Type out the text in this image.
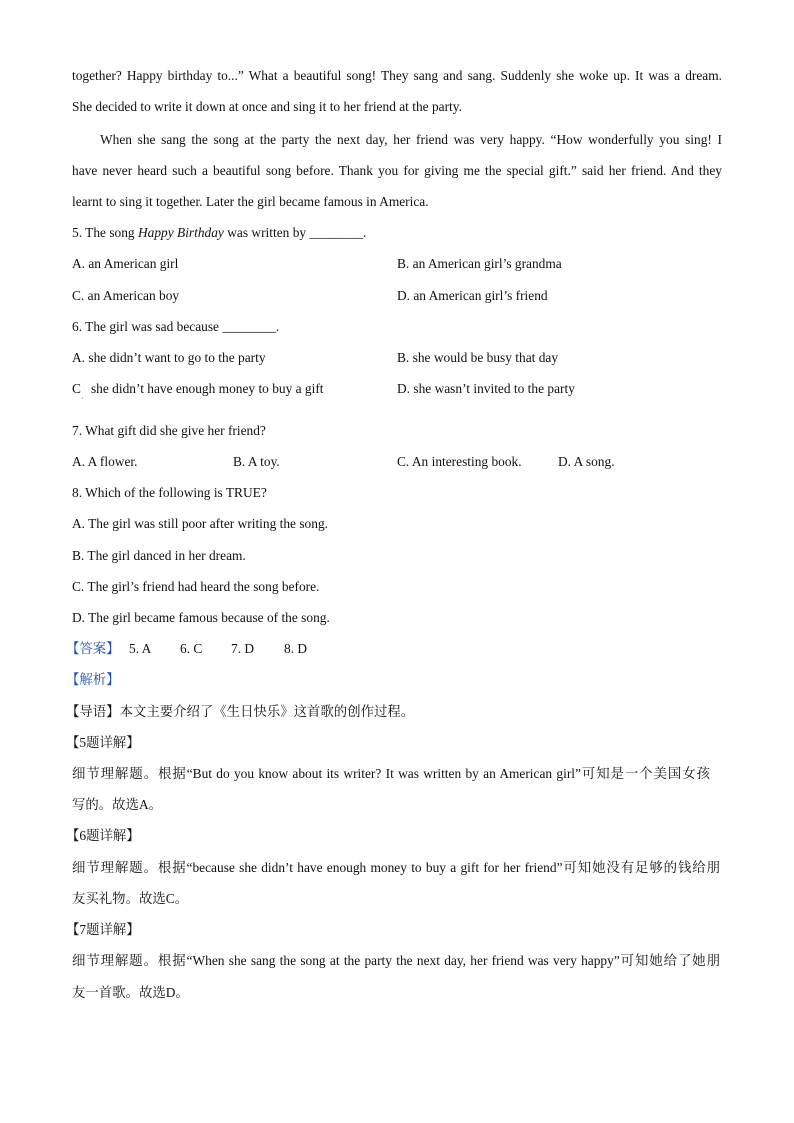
together? Happy birthday to...” What a beautiful song! They sang and sang. Suddenly she woke up. It was a dream.
She decided to write it down at once and sing it to her friend at the party.
When she sang the song at the party the next day, her friend was very happy. “How wonderfully you sing! I
have never heard such a beautiful song before. Thank you for giving me the special gift.” said her friend. And they
learnt to sing it together. Later the girl became famous in America.
5. The song Happy Birthday was written by ________.
A. an American girl	B. an American girl’s grandma
C. an American boy	D. an American girl’s friend
6. The girl was sad because ________.
A. she didn’t want to go to the party	B. she would be busy that day
C   she didn’t have enough money to buy a gift
·
D. she wasn’t invited to the party
7. What gift did she give her friend?
A. A flower.	B. A toy.	C. An interesting book.	D. A song.
8. Which of the following is TRUE?
A. The girl was still poor after writing the song.
B. The girl danced in her dream.
C. The girl’s friend had heard the song before.
D. The girl became famous because of the song.
【答案】 5. A 6. C 7. D 8. D
【解析】
【导语】本文主要介绍了《生日快乐》这首歌的创作过程。
【5题详解】
细节理解题。根据“But do you know about its writer? It was written by an American girl”可知是一个美国女孩
写的。故选A。
【6题详解】
细节理解题。根据“because she didn’t have enough money to buy a gift for her friend”可知她没有足够的钱给朋
友买礼物。故选C。
【7题详解】
细节理解题。根据“When she sang the song at the party the next day, her friend was very happy”可知她给了她朋
友一首歌。故选D。
